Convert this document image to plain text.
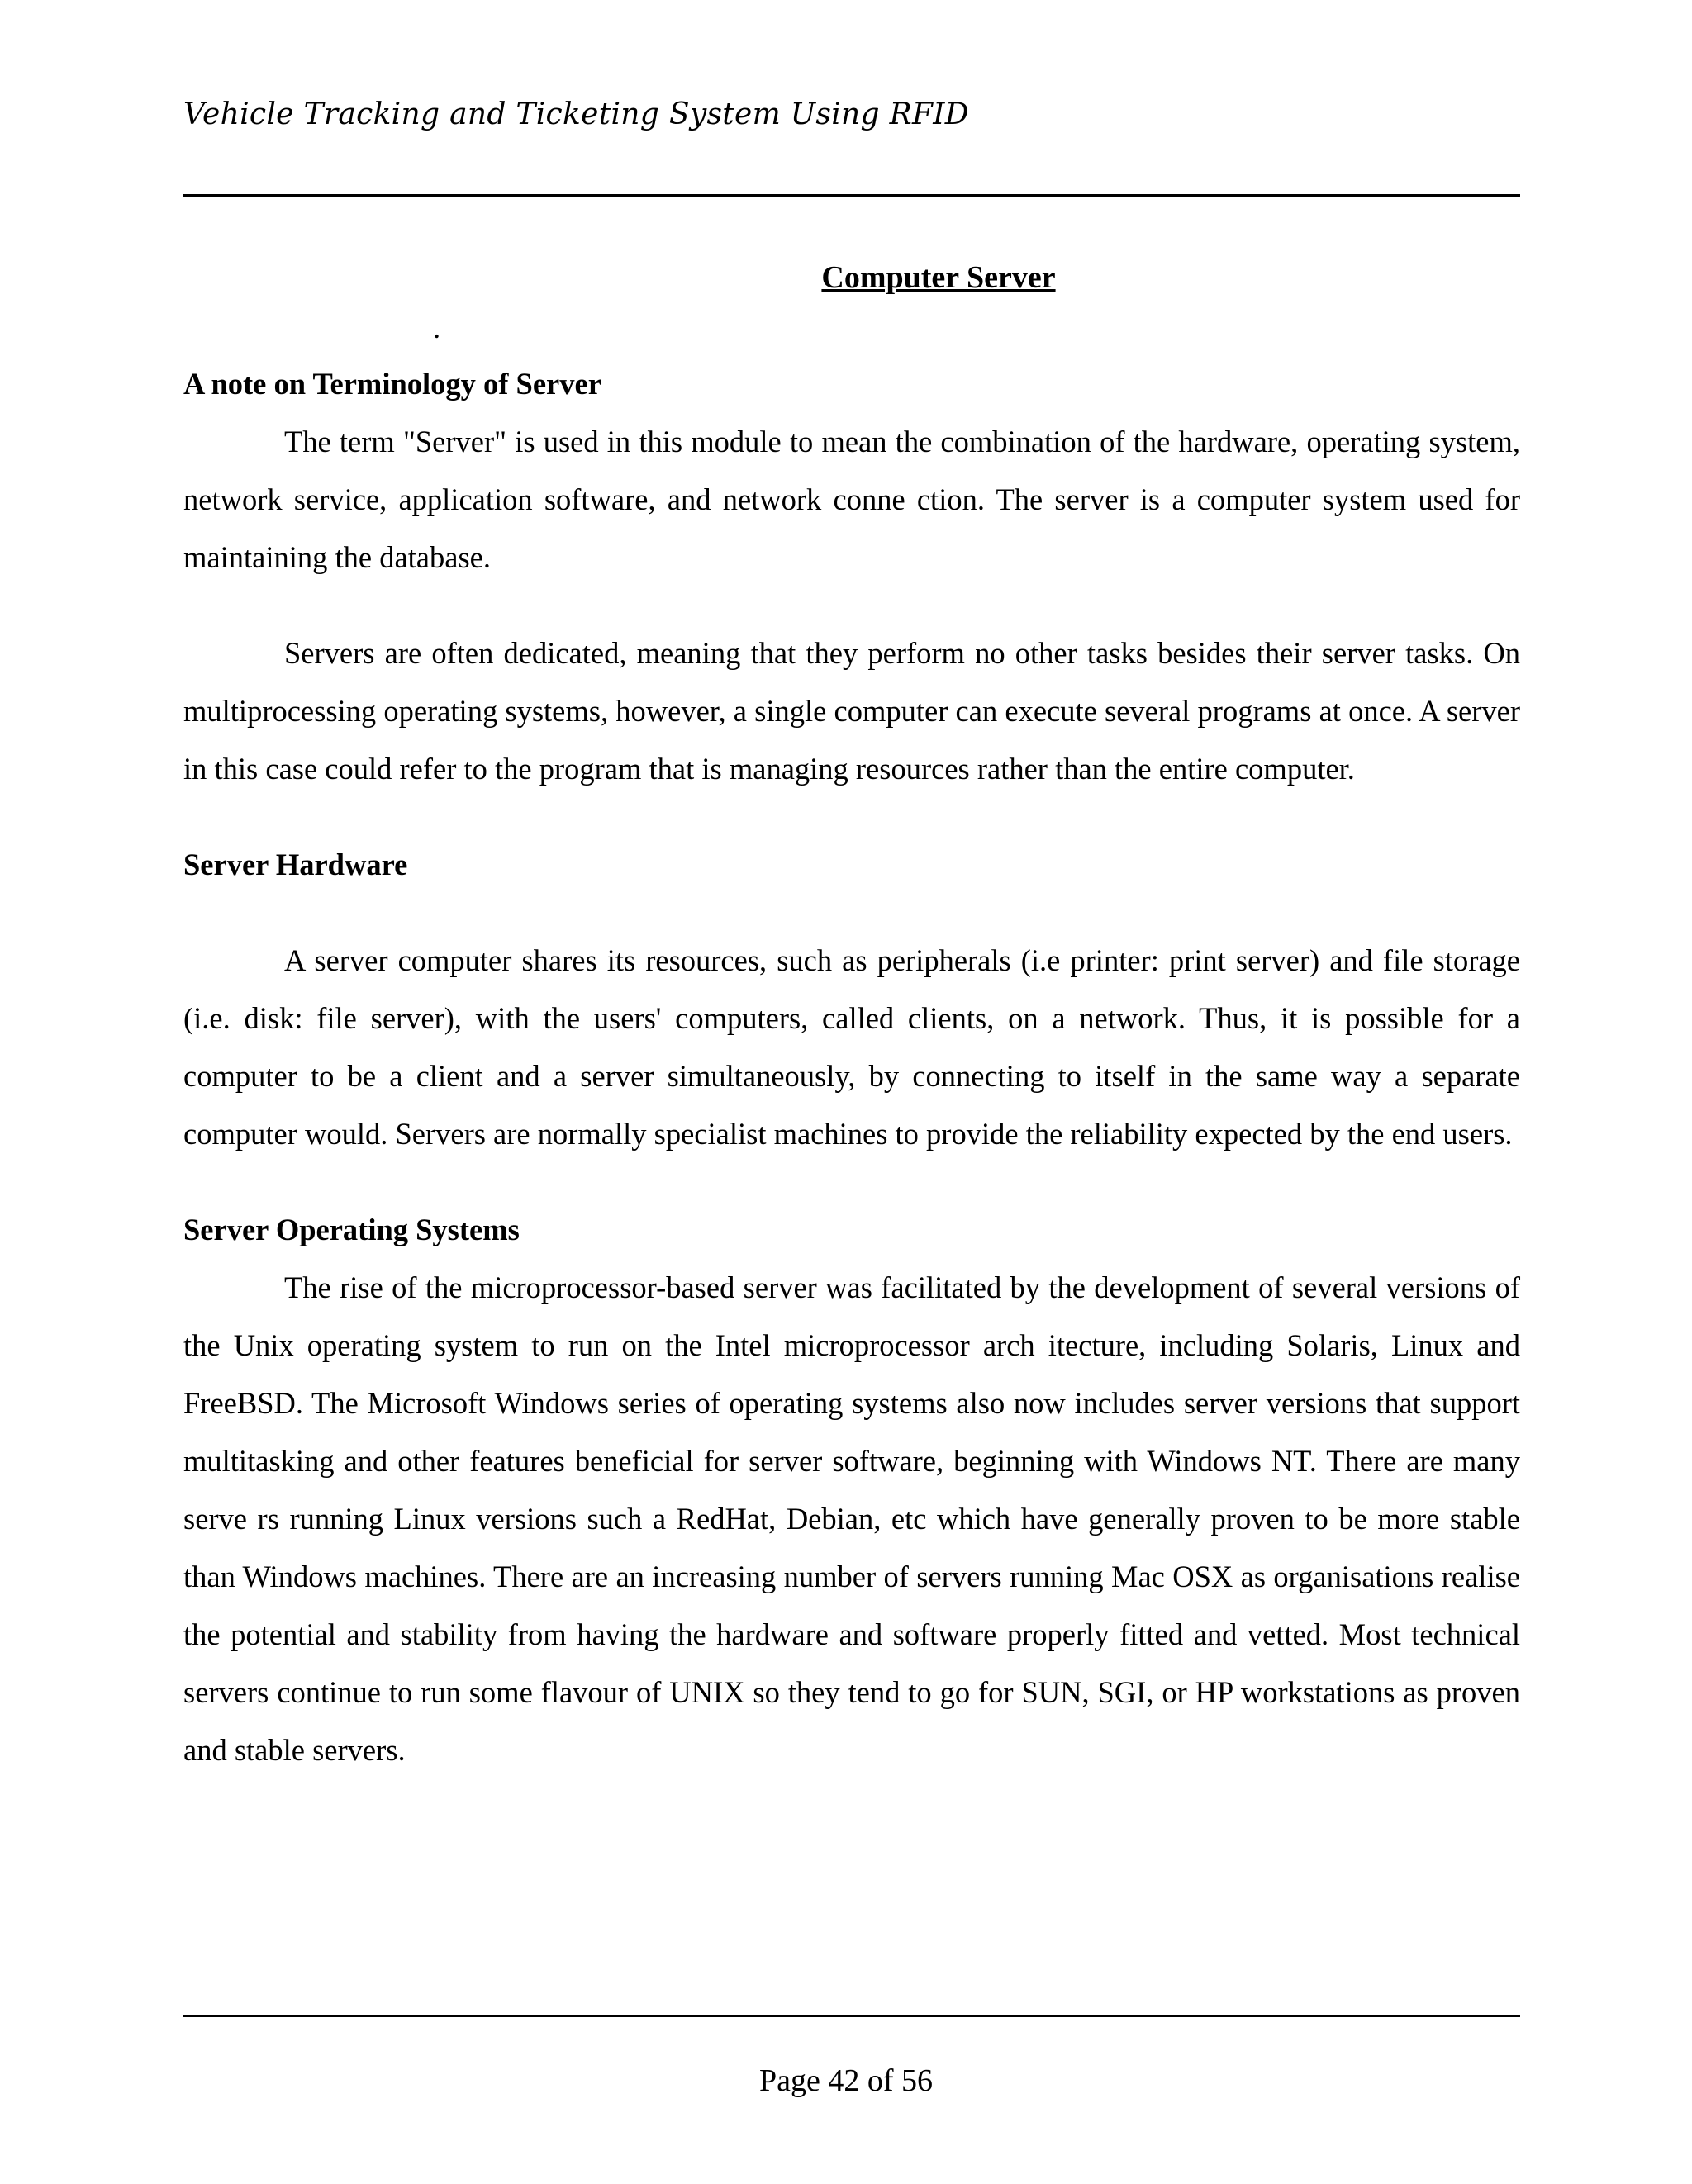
Vehicle Tracking and Ticketing System Using RFID
Computer Server
.
A note on Terminology of Server

The term "Server" is used in this module to mean the combination of the hardware, operating system, network service, application software, and network conne ction. The server is a computer system used for maintaining the database.

Servers are often dedicated, meaning that they perform no other tasks besides their server tasks. On multiprocessing operating systems, however, a single computer can execute several programs at once. A server in this case could refer to the program that is managing resources rather than the entire computer.

Server Hardware

A server computer shares its resources, such as peripherals (i.e printer: print server) and file storage (i.e. disk: file server), with the users' computers, called clients, on a network. Thus, it is possible for a computer to be a client and a server simultaneously, by connecting to itself in the same way a separate computer would. Servers are normally specialist machines to provide the reliability expected by the end users.

Server Operating Systems

The rise of the microprocessor-based server was facilitated by the development of several versions of the Unix operating system to run on the Intel microprocessor arch itecture, including Solaris, Linux and FreeBSD. The Microsoft Windows series of operating systems also now includes server versions that support multitasking and other features beneficial for server software, beginning with Windows NT. There are many serve rs running Linux versions such a RedHat, Debian, etc which have generally proven to be more stable than Windows machines. There are an increasing number of servers running Mac OSX as organisations realise the potential and stability from having the hardware and software properly fitted and vetted. Most technical servers continue to run some flavour of UNIX so they tend to go for SUN, SGI, or HP workstations as proven and stable servers.

Page 42 of 56
